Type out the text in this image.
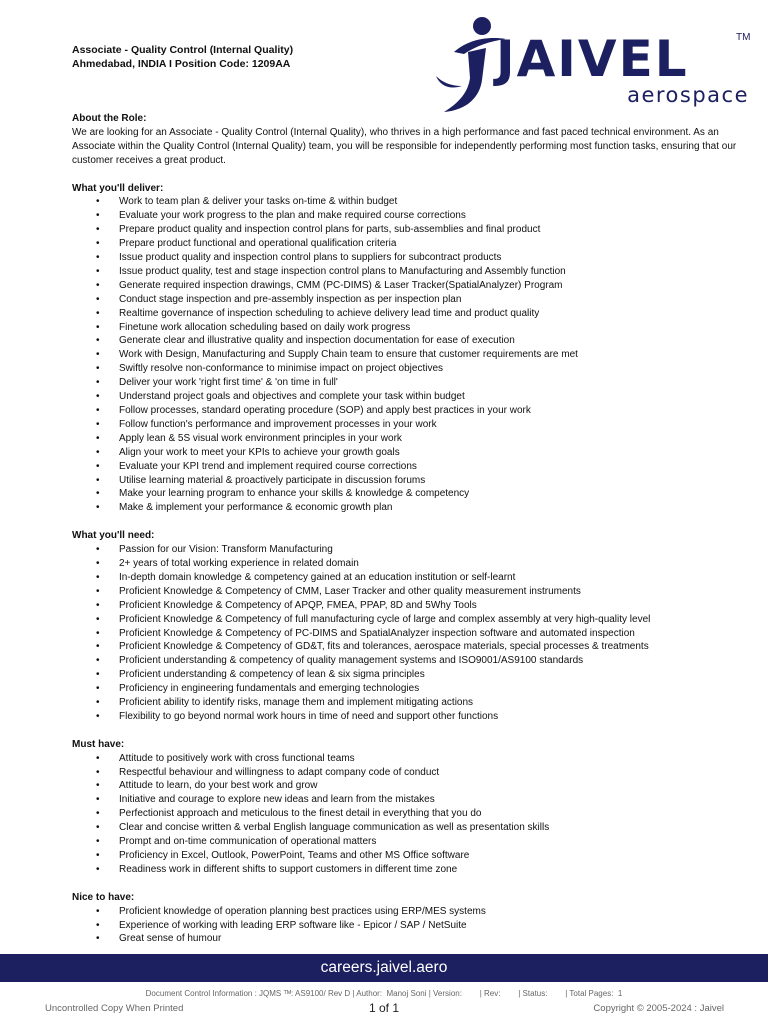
Associate - Quality Control (Internal Quality)
Ahmedabad, INDIA I Position Code: 1209AA	JAIVEL	TM
aerospace
About the Role:

We are looking for an Associate - Quality Control (Internal Quality), who thrives in a high performance and fast paced technical environment. As an Associate within the Quality Control (Internal Quality) team, you will be responsible for independently performing most function tasks, ensuring that our customer receives a great product.

What you'll deliver:
• Work to team plan & deliver your tasks on-time & within budget
• Evaluate your work progress to the plan and make required course corrections
• Prepare product quality and inspection control plans for parts, sub-assemblies and final product
• Prepare product functional and operational qualification criteria
• Issue product quality and inspection control plans to suppliers for subcontract products
• Issue product quality, test and stage inspection control plans to Manufacturing and Assembly function
• Generate required inspection drawings, CMM (PC-DIMS) & Laser Tracker(SpatialAnalyzer) Program
• Conduct stage inspection and pre-assembly inspection as per inspection plan
• Realtime governance of inspection scheduling to achieve delivery lead time and product quality
• Finetune work allocation scheduling based on daily work progress
• Generate clear and illustrative quality and inspection documentation for ease of execution
• Work with Design, Manufacturing and Supply Chain team to ensure that customer requirements are met
• Swiftly resolve non-conformance to minimise impact on project objectives
• Deliver your work 'right first time' & 'on time in full'
• Understand project goals and objectives and complete your task within budget
• Follow processes, standard operating procedure (SOP) and apply best practices in your work
• Follow function's performance and improvement processes in your work
• Apply lean & 5S visual work environment principles in your work
• Align your work to meet your KPIs to achieve your growth goals
• Evaluate your KPI trend and implement required course corrections
• Utilise learning material & proactively participate in discussion forums
• Make your learning program to enhance your skills & knowledge & competency
• Make & implement your performance & economic growth plan
What you'll need:
• Passion for our Vision: Transform Manufacturing
• 2+ years of total working experience in related domain
• In-depth domain knowledge & competency gained at an education institution or self-learnt
• Proficient Knowledge & Competency of CMM, Laser Tracker and other quality measurement instruments
• Proficient Knowledge & Competency of APQP, FMEA, PPAP, 8D and 5Why Tools
• Proficient Knowledge & Competency of full manufacturing cycle of large and complex assembly at very high-quality level
• Proficient Knowledge & Competency of PC-DIMS and SpatialAnalyzer inspection software and automated inspection
• Proficient Knowledge & Competency of GD&T, fits and tolerances, aerospace materials, special processes & treatments
• Proficient understanding & competency of quality management systems and ISO9001/AS9100 standards
• Proficient understanding & competency of lean & six sigma principles
• Proficiency in engineering fundamentals and emerging technologies
• Proficient ability to identify risks, manage them and implement mitigating actions
• Flexibility to go beyond normal work hours in time of need and support other functions
Must have:
• Attitude to positively work with cross functional teams
• Respectful behaviour and willingness to adapt company code of conduct
• Attitude to learn, do your best work and grow
• Initiative and courage to explore new ideas and learn from the mistakes
• Perfectionist approach and meticulous to the finest detail in everything that you do
• Clear and concise written & verbal English language communication as well as presentation skills
• Prompt and on-time communication of operational matters
• Proficiency in Excel, Outlook, PowerPoint, Teams and other MS Office software
• Readiness work in different shifts to support customers in different time zone
Nice to have:
• Proficient knowledge of operation planning best practices using ERP/MES systems
• Experience of working with leading ERP software like - Epicor / SAP / NetSuite
• Great sense of humour
careers.jaivel.aero
Document Control Information : JQMS ᵀᴹ: AS9100/ Rev D | Author:  Manoj Soni | Version:        | Rev:        | Status:        | Total Pages:  1
Uncontrolled Copy When Printed	1 of 1	Copyright © 2005-2024 : Jaivel
